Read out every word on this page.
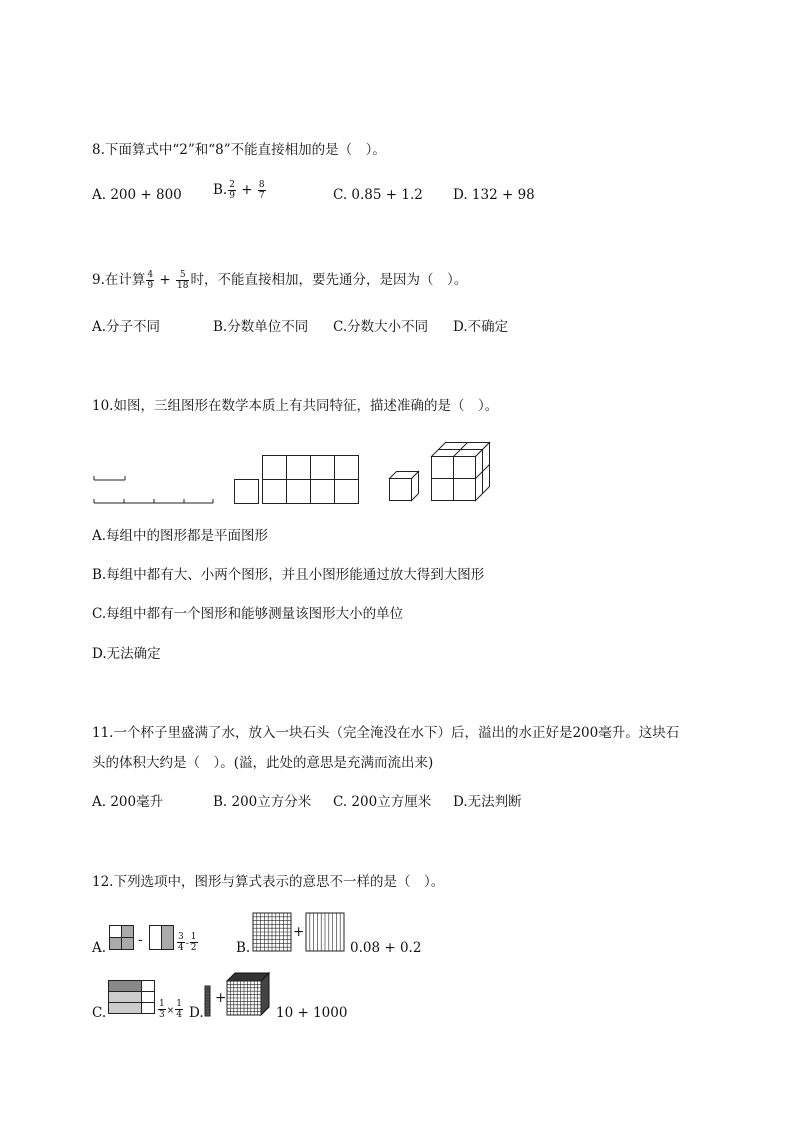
8.下面算式中“2”和“8”不能直接相加的是（　）。
A. 200 + 800 B. $\frac{2}{9} + \frac{8}{7}$	C. 0.85 + 1.2 D. 132 + 98
9.在计算 $\frac{4}{9} + \frac{5}{18}$ 时，不能直接相加，要先通分，是因为（　）。
A.分子不同	B.分数单位不同 C.分数大小不同 D.不确定
10.如图，三组图形在数学本质上有共同特征，描述准确的是（　）。
A.每组中的图形都是平面图形
B.每组中都有大、小两个图形，并且小图形能通过放大得到大图形
C.每组中都有一个图形和能够测量该图形大小的单位
D.无法确定
11.一个杯子里盛满了水，放入一块石头（完全淹没在水下）后，溢出的水正好是200毫升。这块石
头的体积大约是（　）。(溢，此处的意思是充满而流出来)
A. 200毫升	B. 200立方分米 C. 200立方厘米 D.无法判断
12.下列选项中，图形与算式表示的意思不一样的是（　）。
A. -	$\frac{3}{4} - \frac{1}{2}$	B.
+
0.08 + 0.2
C.	$\frac{1}{3} \times \frac{1}{4} D$.
+
10 + 1000
